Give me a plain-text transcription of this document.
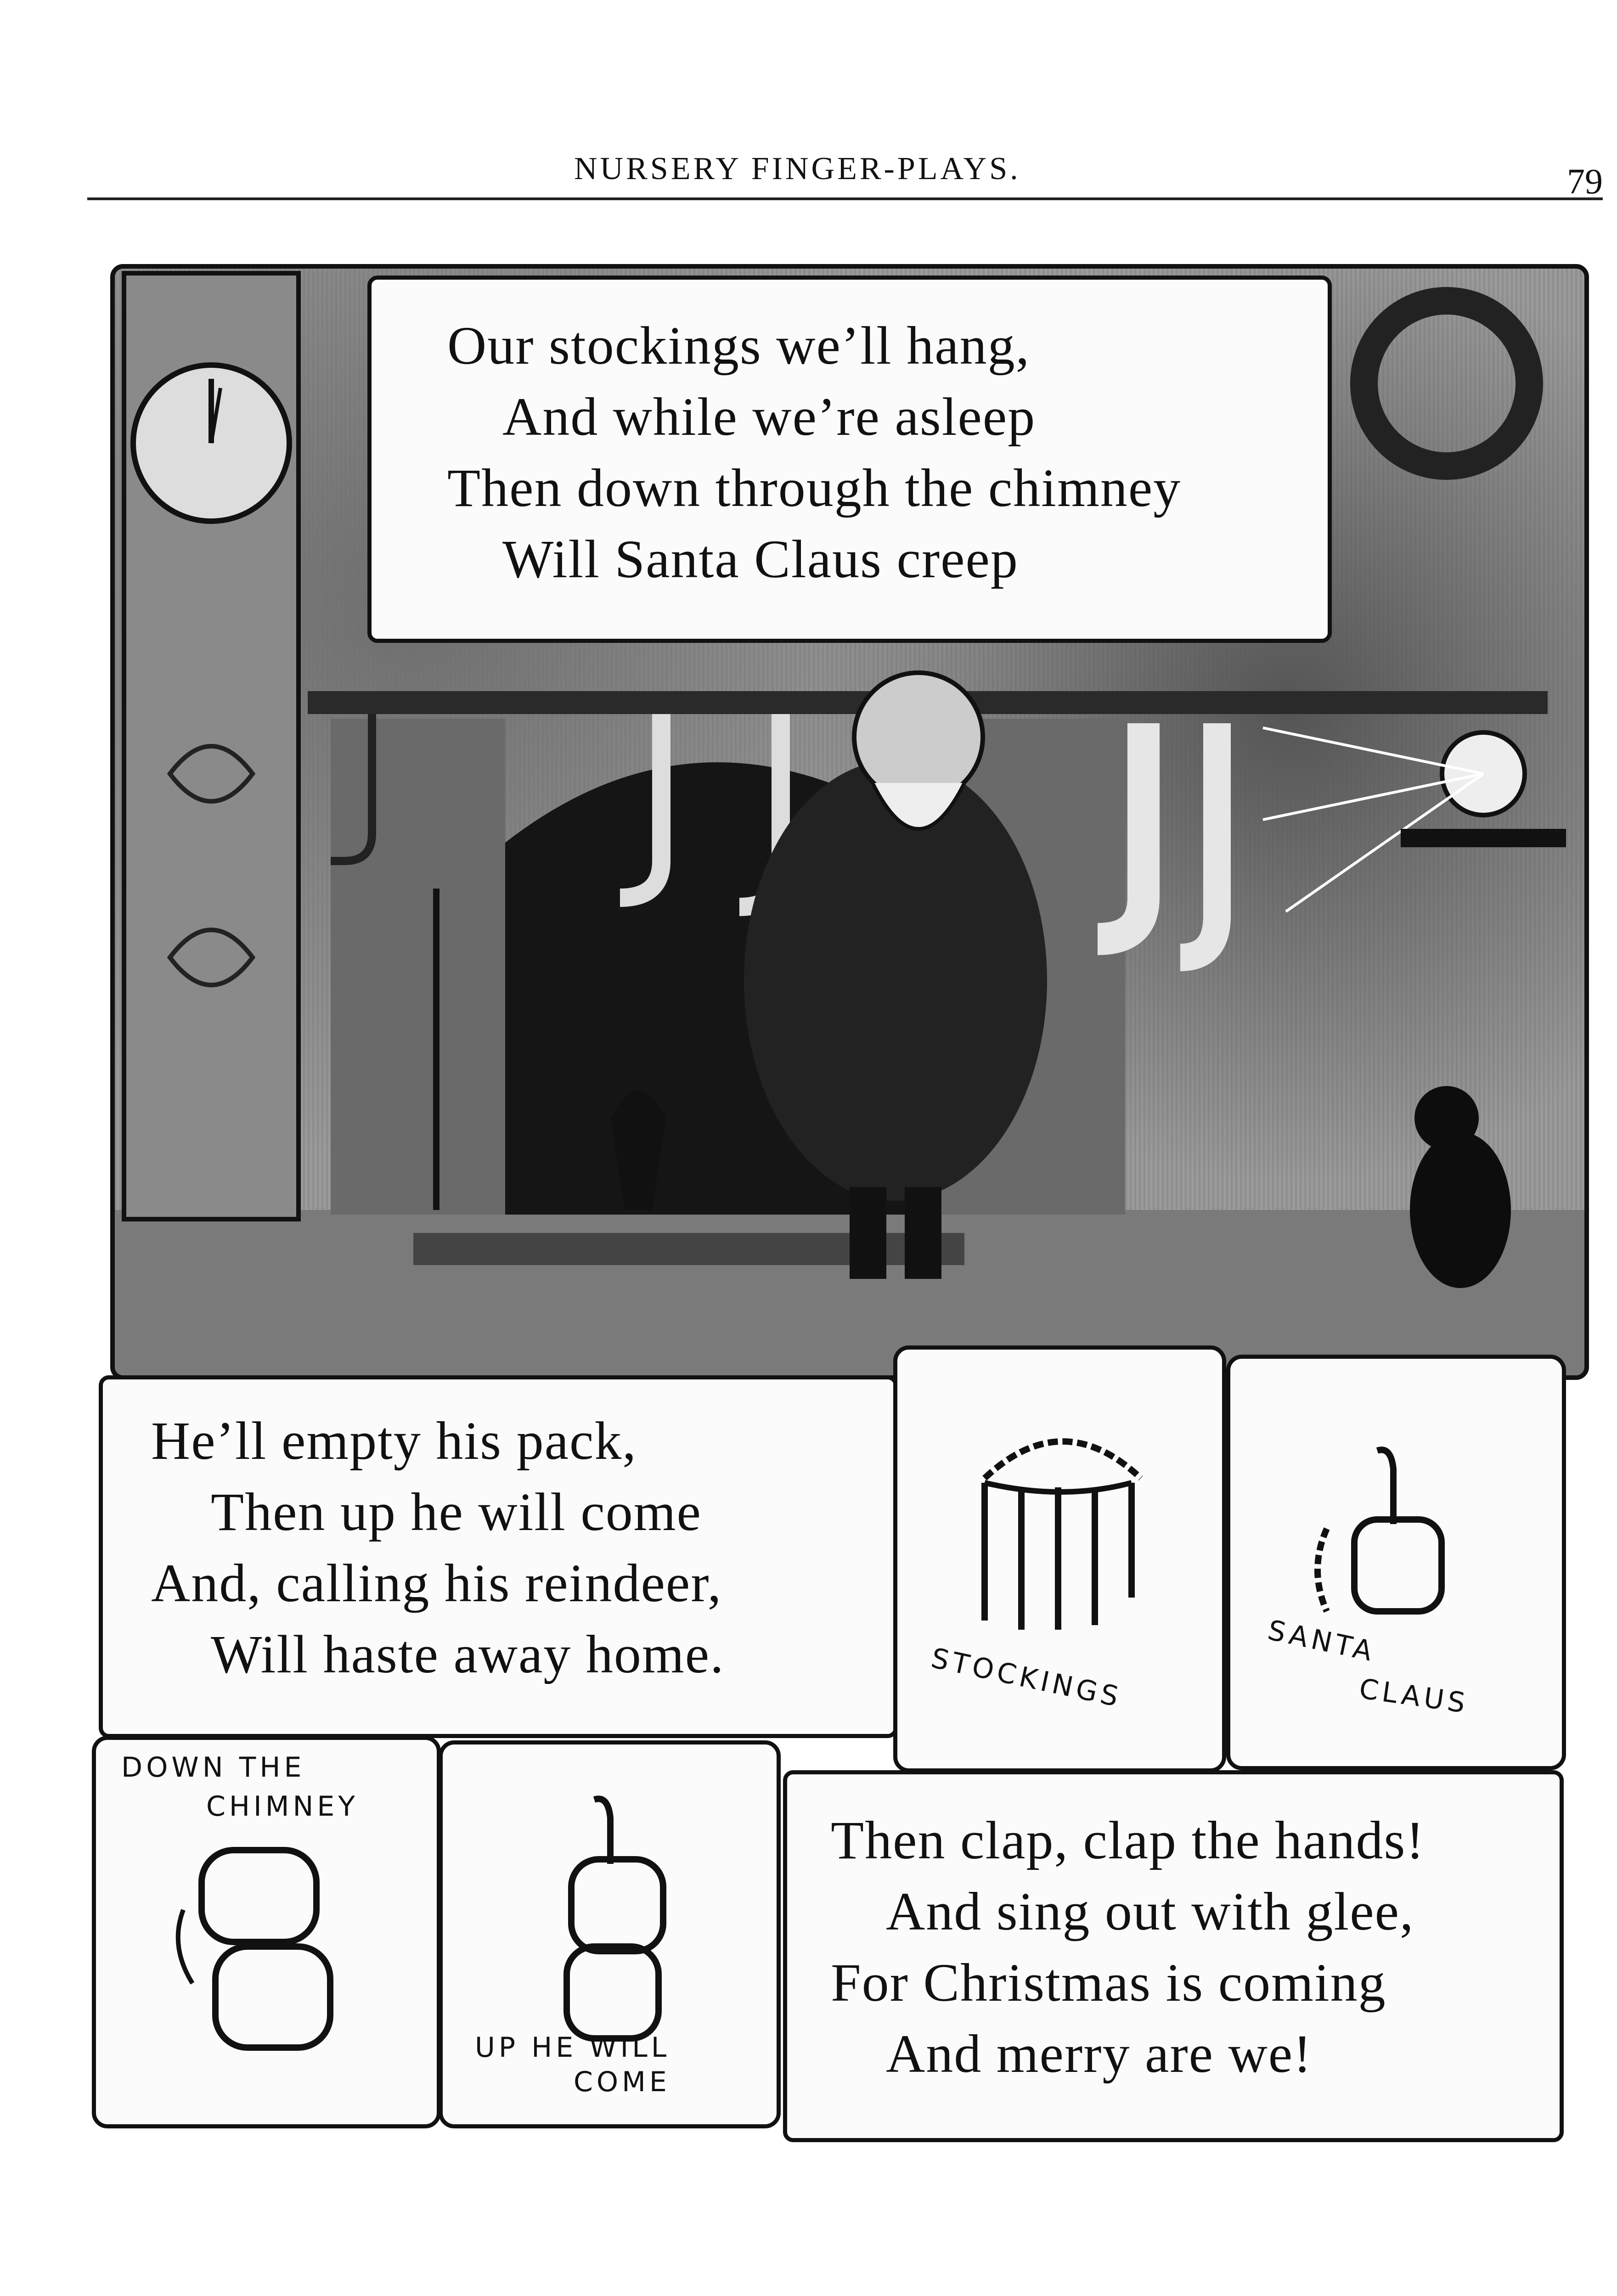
NURSERY FINGER-PLAYS.	79
Our stockings we’ll hang,
And while we’re asleep
Then down through the chimney
Will Santa Claus creep
He’ll empty his pack,
Then up he will come
And, calling his reindeer,
Will haste away home.	STOCKINGS
SANTA
CLAUS
DOWN THE
CHIMNEY
UP HE WILL
COME
Then clap, clap the hands!
And sing out with glee,
For Christmas is coming
And merry are we!
